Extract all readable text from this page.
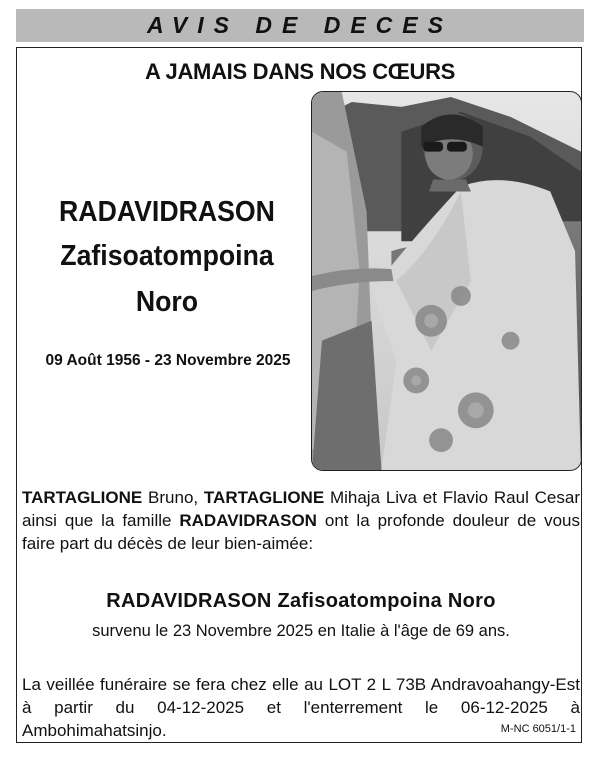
AVIS DE DECES
A JAMAIS DANS NOS CŒURS
RADAVIDRASON
Zafisoatompoina
Noro
09 Août 1956 - 23 Novembre 2025
TARTAGLIONE Bruno, TARTAGLIONE Mihaja Liva et Flavio Raul Cesar ainsi que la famille RADAVIDRASON ont la profonde douleur de vous faire part du décès de leur bien-aimée:
RADAVIDRASON Zafisoatompoina Noro
survenu le 23 Novembre 2025 en Italie à l'âge de 69 ans.
La veillée funéraire se fera chez elle au LOT 2 L 73B Andravoahangy-Est à partir du 04-12-2025 et l'enterrement le 06-12-2025 à Ambohimahatsinjo.	M-NC 6051/1-1
